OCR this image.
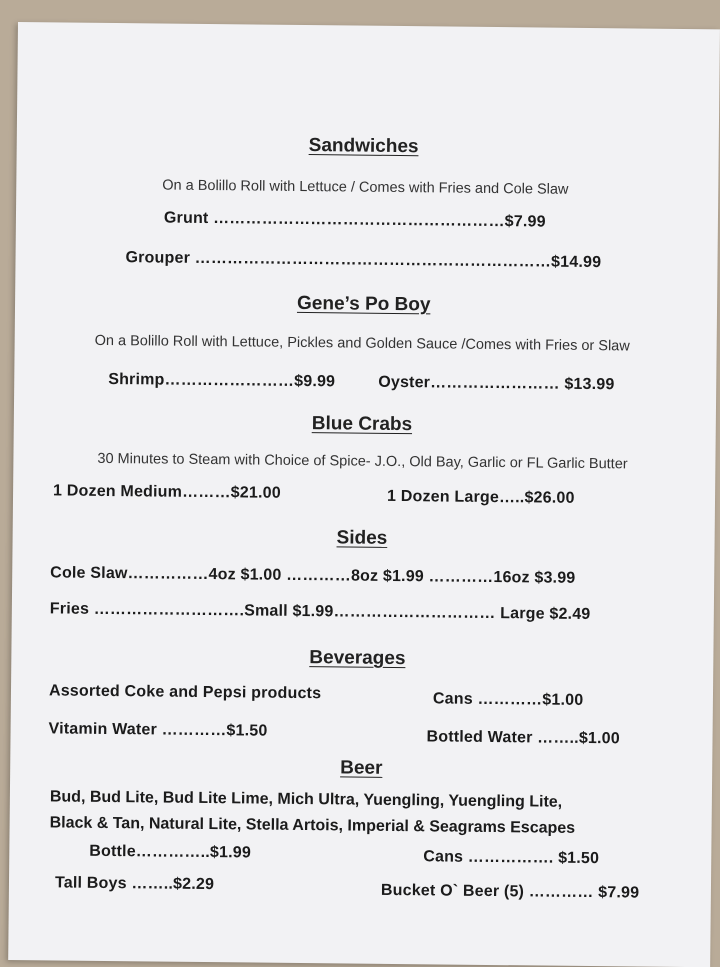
Sandwiches
On a Bolillo Roll with Lettuce / Comes with Fries and Cole Slaw
Grunt ………………………………………………$7.99
Grouper …………………………………………………………$14.99
Gene’s Po Boy
On a Bolillo Roll with Lettuce, Pickles and Golden Sauce /Comes with Fries or Slaw
Shrimp……………………$9.99	Oyster…………………… $13.99
Blue Crabs
30 Minutes to Steam with Choice of Spice- J.O., Old Bay, Garlic or FL Garlic Butter
1 Dozen Medium………$21.00	1 Dozen Large…..$26.00
Sides
Cole Slaw……………4oz $1.00 …………8oz $1.99 …………16oz $3.99
Fries ……………………….Small $1.99………………………… Large $2.49
Beverages
Assorted Coke and Pepsi products	Cans …………$1.00
Vitamin Water …………$1.50	Bottled Water ……..$1.00
Beer
Bud, Bud Lite, Bud Lite Lime, Mich Ultra, Yuengling, Yuengling Lite,
Black & Tan, Natural Lite, Stella Artois, Imperial & Seagrams Escapes
Bottle…………..$1.99	Cans ……………. $1.50
Tall Boys ……..$2.29	Bucket O` Beer (5) ………… $7.99
